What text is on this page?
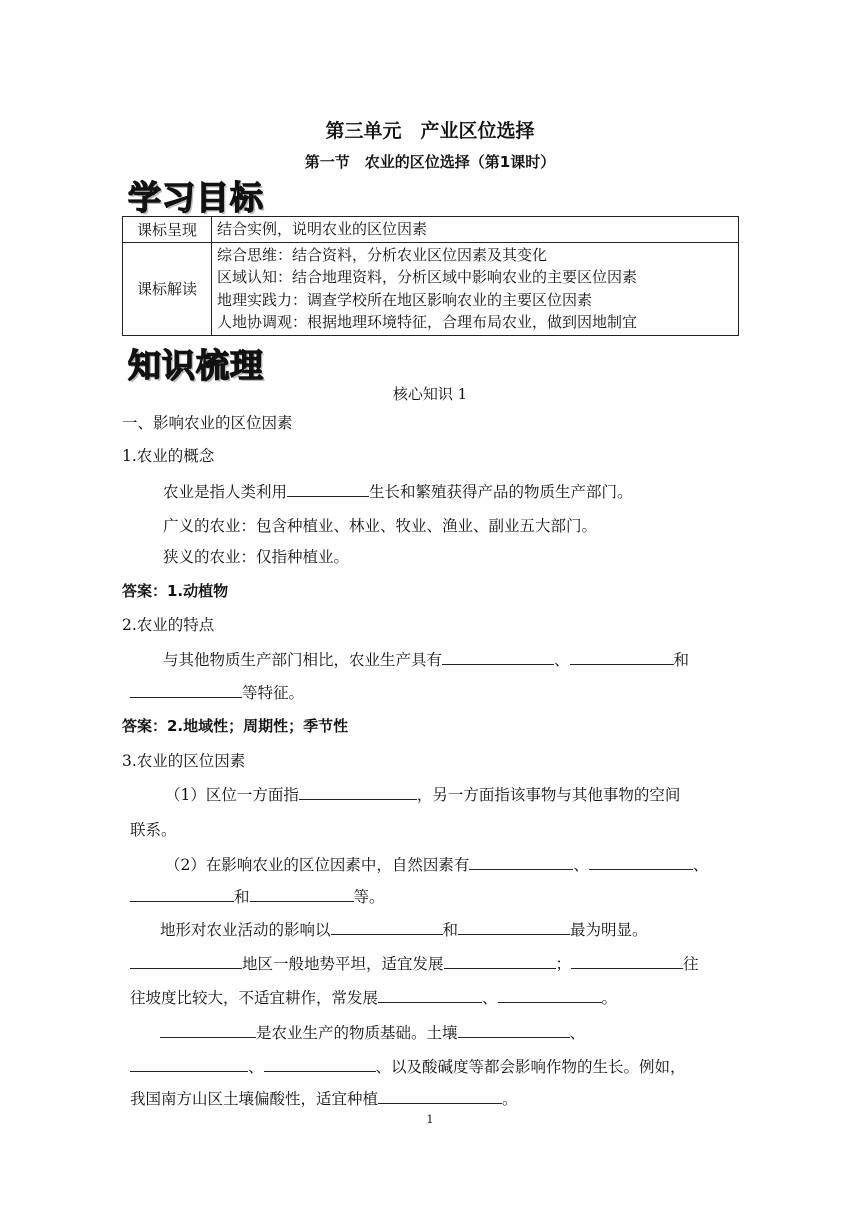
第三单元　产业区位选择
第一节　农业的区位选择（第1课时）
学习目标
课标呈现	结合实例，说明农业的区位因素

课标解读	综合思维：结合资料，分析农业区位因素及其变化
区域认知：结合地理资料，分析区域中影响农业的主要区位因素
地理实践力：调查学校所在地区影响农业的主要区位因素
人地协调观：根据地理环境特征，合理布局农业，做到因地制宜
知识梳理
核心知识 1
一、影响农业的区位因素
1.农业的概念
农业是指人类利用	生长和繁殖获得产品的物质生产部门。
广义的农业：包含种植业、林业、牧业、渔业、副业五大部门。
狭义的农业：仅指种植业。
答案：1.动植物
2.农业的特点
与其他物质生产部门相比，农业生产具有	、	和
等特征。
答案：2.地域性；周期性；季节性
3.农业的区位因素
（1）区位一方面指	，另一方面指该事物与其他事物的空间
联系。
（2）在影响农业的区位因素中，自然因素有	、	、
和	等。
地形对农业活动的影响以	和	最为明显。
地区一般地势平坦，适宜发展	；	往
往坡度比较大，不适宜耕作，常发展	、	。
是农业生产的物质基础。土壤	、
、	、以及酸碱度等都会影响作物的生长。例如，
我国南方山区土壤偏酸性，适宜种植	。
1
